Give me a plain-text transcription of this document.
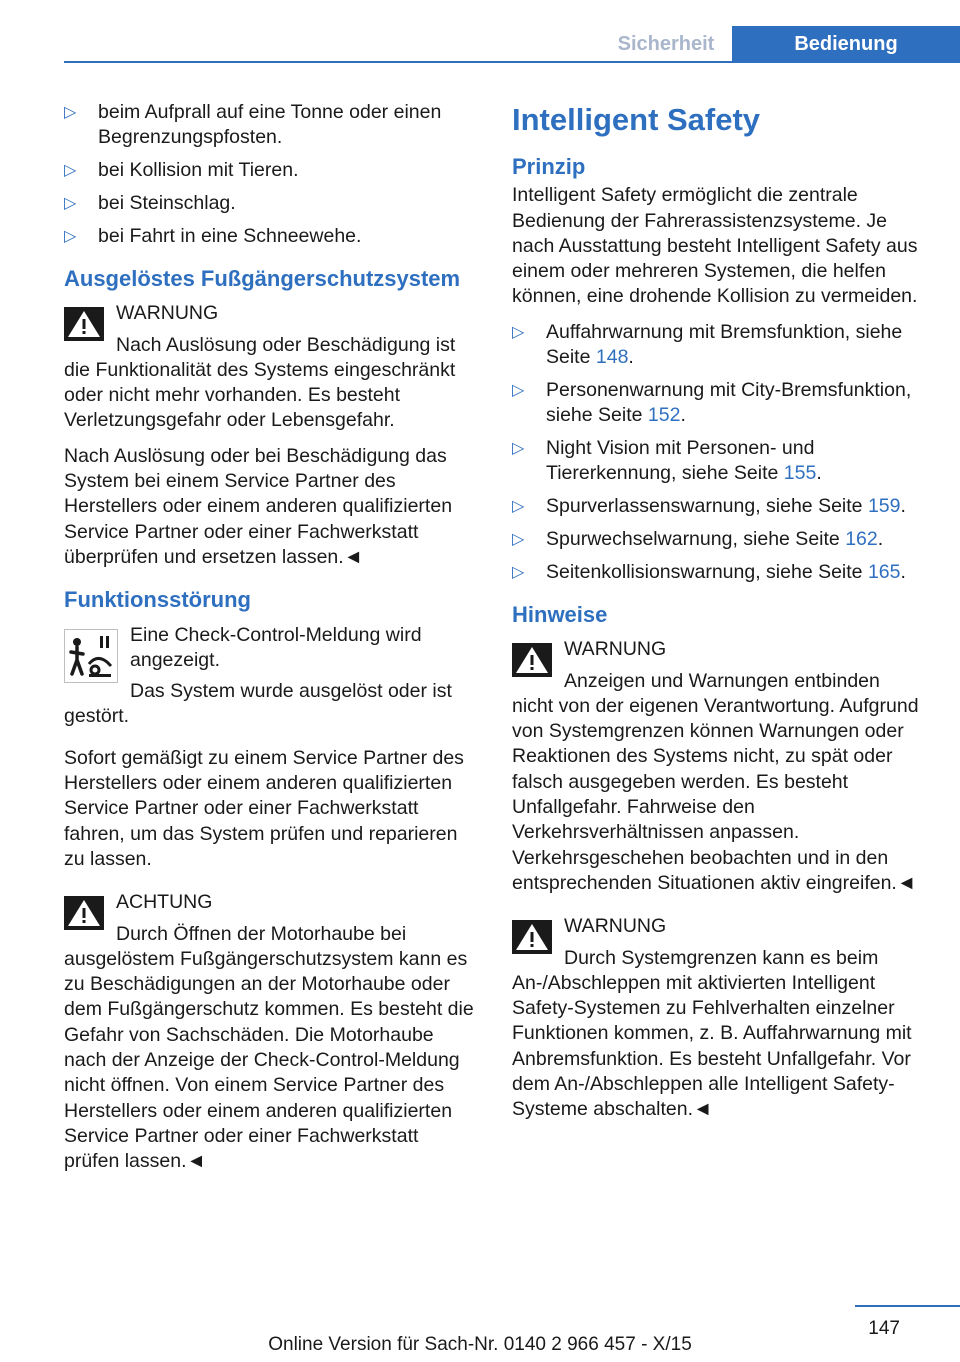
Sicherheit	Bedienung
▷ beim Aufprall auf eine Tonne oder einen Begrenzungspfosten.
▷ bei Kollision mit Tieren.
▷ bei Steinschlag.
▷ bei Fahrt in eine Schneewehe.
Ausgelöstes Fußgängerschutzsystem
WARNUNG
Nach Auslösung oder Beschädigung ist die Funktionalität des Systems eingeschränkt oder nicht mehr vorhanden. Es besteht Verletzungsgefahr oder Lebensgefahr.

Nach Auslösung oder bei Beschädigung das System bei einem Service Partner des Herstellers oder einem anderen qualifizierten Service Partner oder einer Fachwerkstatt überprüfen und ersetzen lassen.◄

Funktionsstörung

Eine Check-Control-Meldung wird angezeigt.

Das System wurde ausgelöst oder ist gestört.

Sofort gemäßigt zu einem Service Partner des Herstellers oder einem anderen qualifizierten Service Partner oder einer Fachwerkstatt fahren, um das System prüfen und reparieren zu lassen.

ACHTUNG
Durch Öffnen der Motorhaube bei ausgelöstem Fußgängerschutzsystem kann es zu Beschädigungen an der Motorhaube oder dem Fußgängerschutz kommen. Es besteht die Gefahr von Sachschäden. Die Motorhaube nach der Anzeige der Check-Control-Meldung nicht öffnen. Von einem Service Partner des Herstellers oder einem anderen qualifizierten Service Partner oder einer Fachwerkstatt prüfen lassen.◄
Intelligent Safety
Prinzip

Intelligent Safety ermöglicht die zentrale Bedienung der Fahrerassistenzsysteme. Je nach Ausstattung besteht Intelligent Safety aus einem oder mehreren Systemen, die helfen können, eine drohende Kollision zu vermeiden.

▷ Auffahrwarnung mit Bremsfunktion, siehe Seite 148.
▷ Personenwarnung mit City-Bremsfunktion, siehe Seite 152.
▷ Night Vision mit Personen- und Tiererkennung, siehe Seite 155.
▷ Spurverlassenswarnung, siehe Seite 159.
▷ Spurwechselwarnung, siehe Seite 162.
▷ Seitenkollisionswarnung, siehe Seite 165.
Hinweise
WARNUNG
Anzeigen und Warnungen entbinden nicht von der eigenen Verantwortung. Aufgrund von Systemgrenzen können Warnungen oder Reaktionen des Systems nicht, zu spät oder falsch ausgegeben werden. Es besteht Unfallgefahr. Fahrweise den Verkehrsverhältnissen anpassen. Verkehrsgeschehen beobachten und in den entsprechenden Situationen aktiv eingreifen.◄
WARNUNG
Durch Systemgrenzen kann es beim An-/Abschleppen mit aktivierten Intelligent Safety-Systemen zu Fehlverhalten einzelner Funktionen kommen, z. B. Auffahrwarnung mit Anbremsfunktion. Es besteht Unfallgefahr. Vor dem An-/Abschleppen alle Intelligent Safety-Systeme abschalten.◄
147
Online Version für Sach-Nr. 0140 2 966 457 - X/15
